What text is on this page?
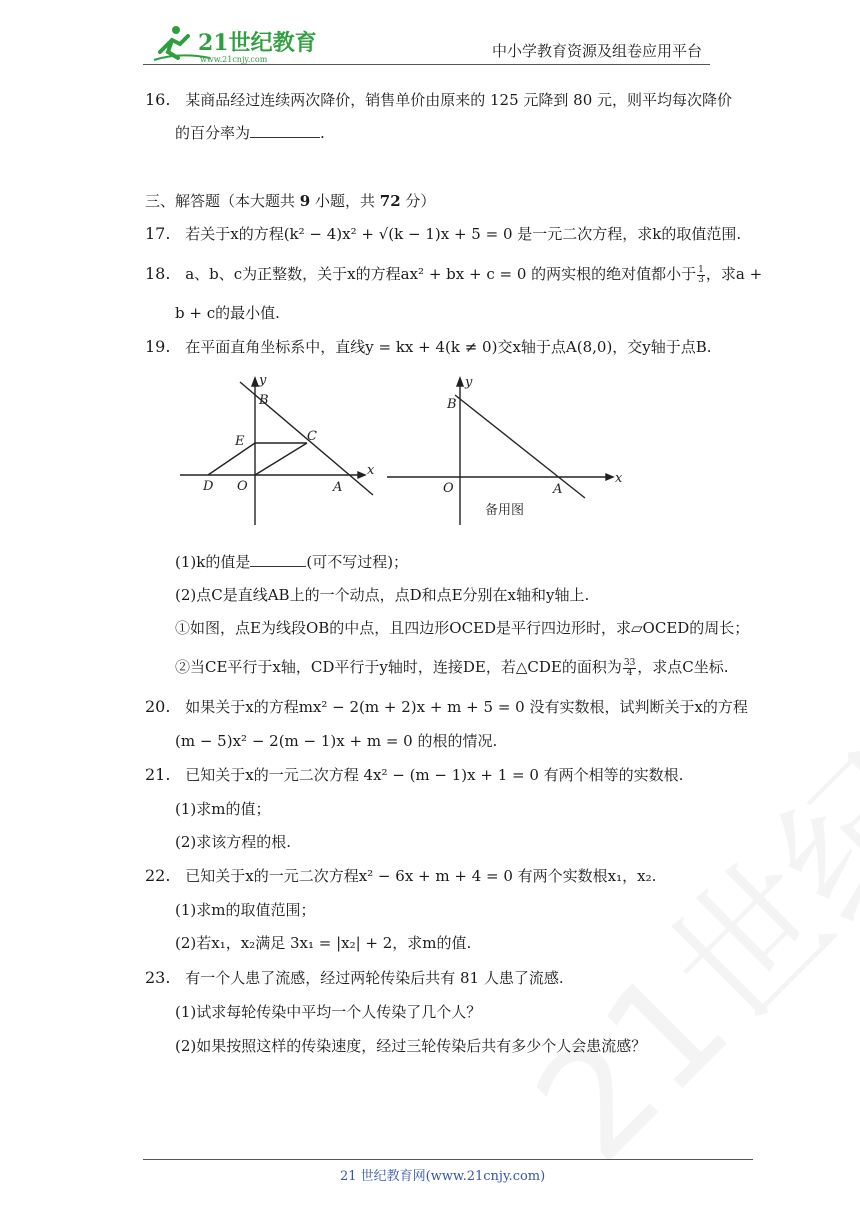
21世纪教育
www.21cnjy.com	中小学教育资源及组卷应用平台
16. 某商品经过连续两次降价，销售单价由原来的 125 元降到 80 元，则平均每次降价
的百分率为	.
三、解答题（本大题共 9 小题，共 72 分）
17. 若关于x的方程(k² − 4)x² + √(k − 1)x + 5 = 0 是一元二次方程，求k的取值范围.
18. a、b、c为正整数，关于x的方程ax² + bx + c = 0 的两实根的绝对值都小于 $\frac{1}{3}$ ，求a +
b + c的最小值.
19. 在平面直角坐标系中，直线y = kx + 4(k ≠ 0)交x轴于点A(8,0)，交y轴于点B.
y
x
B
E	C
D O	A
y
x
B
O	A
备用图
(1)k的值是	(可不写过程)；
(2)点C是直线AB上的一个动点，点D和点E分别在x轴和y轴上.
①如图，点E为线段OB的中点，且四边形OCED是平行四边形时，求▱OCED的周长；
②当CE平行于x轴，CD平行于y轴时，连接DE，若△CDE的面积为 $\frac{33}{4}$ ，求点C坐标.
20. 如果关于x的方程mx² − 2(m + 2)x + m + 5 = 0 没有实数根，试判断关于x的方程
(m − 5)x² − 2(m − 1)x + m = 0 的根的情况.
21. 已知关于x的一元二次方程 4x² − (m − 1)x + 1 = 0 有两个相等的实数根.
(1)求m的值；
(2)求该方程的根.
22. 已知关于x的一元二次方程x² − 6x + m + 4 = 0 有两个实数根x₁，x₂.
(1)求m的取值范围；
(2)若x₁，x₂满足 3x₁ = |x₂| + 2，求m的值.
23. 有一个人患了流感，经过两轮传染后共有 81 人患了流感.
(1)试求每轮传染中平均一个人传染了几个人？
(2)如果按照这样的传染速度，经过三轮传染后共有多少个人会患流感？
21 世纪教育网(www.21cnjy.com)
